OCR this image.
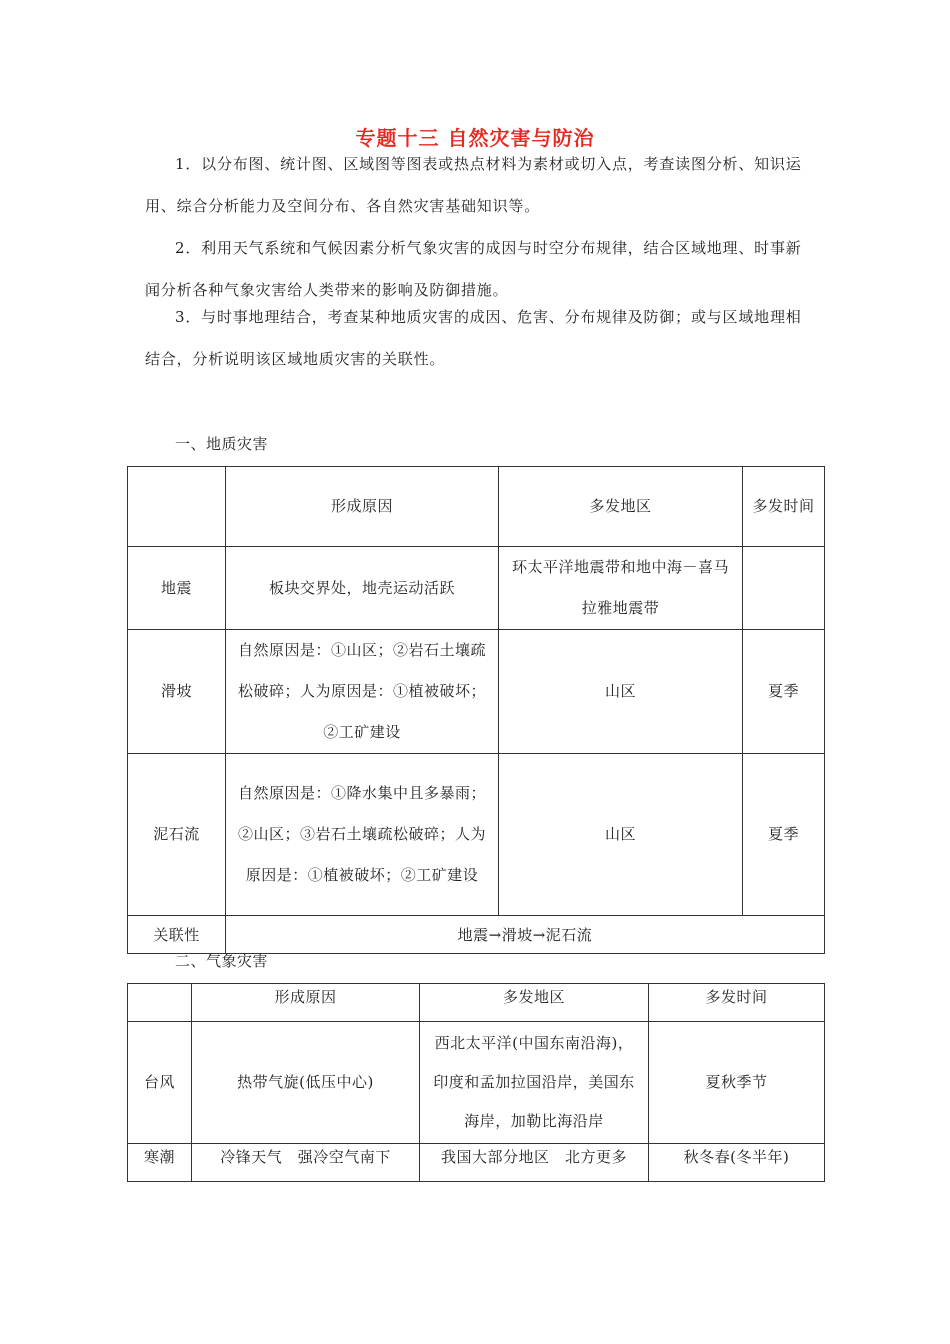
专题十三 自然灾害与防治
1．以分布图、统计图、区域图等图表或热点材料为素材或切入点，考查读图分析、知识运用、综合分析能力及空间分布、各自然灾害基础知识等。
2．利用天气系统和气候因素分析气象灾害的成因与时空分布规律，结合区域地理、时事新闻分析各种气象灾害给人类带来的影响及防御措施。
3．与时事地理结合，考查某种地质灾害的成因、危害、分布规律及防御；或与区域地理相结合，分析说明该区域地质灾害的关联性。
一、地质灾害
	形成原因	多发地区	多发时间
地震	板块交界处，地壳运动活跃	环太平洋地震带和地中海－喜马拉雅地震带	
滑坡	自然原因是：①山区；②岩石土壤疏松破碎；人为原因是：①植被破坏；②工矿建设	山区	夏季
泥石流	自然原因是：①降水集中且多暴雨；②山区；③岩石土壤疏松破碎；人为原因是：①植被破坏；②工矿建设	山区	夏季
关联性	地震→滑坡→泥石流		
二、气象灾害
	形成原因	多发地区	多发时间
台风	热带气旋(低压中心)	西北太平洋(中国东南沿海)，印度和孟加拉国沿岸，美国东海岸，加勒比海沿岸	夏秋季节
寒潮	冷锋天气　强冷空气南下	我国大部分地区　北方更多	秋冬春(冬半年)
